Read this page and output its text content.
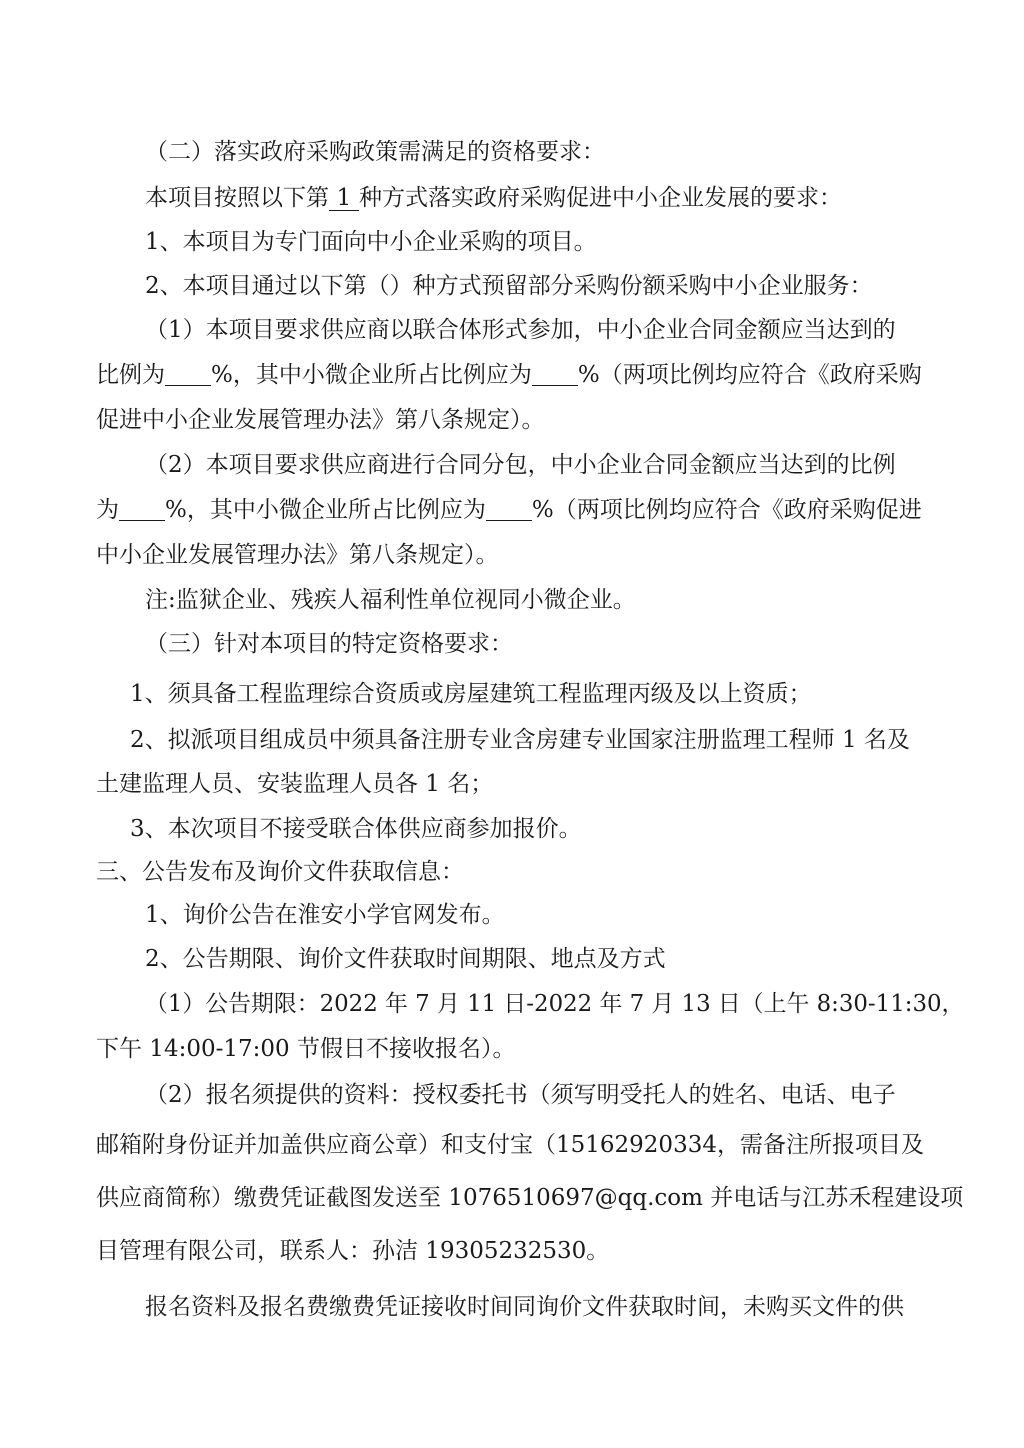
（二）落实政府采购政策需满足的资格要求：
本项目按照以下第 1 种方式落实政府采购促进中小企业发展的要求：
1、本项目为专门面向中小企业采购的项目。
2、本项目通过以下第（）种方式预留部分采购份额采购中小企业服务：
（1）本项目要求供应商以联合体形式参加，中小企业合同金额应当达到的
比例为 %，其中小微企业所占比例应为 %（两项比例均应符合《政府采购
促进中小企业发展管理办法》第八条规定）。
（2）本项目要求供应商进行合同分包，中小企业合同金额应当达到的比例
为 %，其中小微企业所占比例应为 %（两项比例均应符合《政府采购促进
中小企业发展管理办法》第八条规定）。
注:监狱企业、残疾人福利性单位视同小微企业。
（三）针对本项目的特定资格要求：
1、须具备工程监理综合资质或房屋建筑工程监理丙级及以上资质；
2、拟派项目组成员中须具备注册专业含房建专业国家注册监理工程师 1 名及
土建监理人员、安装监理人员各 1 名；
3、本次项目不接受联合体供应商参加报价。
三、公告发布及询价文件获取信息：
1、询价公告在淮安小学官网发布。
2、公告期限、询价文件获取时间期限、地点及方式
（1）公告期限：2022 年 7 月 11 日-2022 年 7 月 13 日（上午 8:30-11:30，
下午 14:00-17:00 节假日不接收报名）。
（2）报名须提供的资料：授权委托书（须写明受托人的姓名、电话、电子
邮箱附身份证并加盖供应商公章）和支付宝（15162920334，需备注所报项目及
供应商简称）缴费凭证截图发送至 1076510697@qq.com 并电话与江苏禾程建设项
目管理有限公司，联系人：孙洁 19305232530。
报名资料及报名费缴费凭证接收时间同询价文件获取时间，未购买文件的供
